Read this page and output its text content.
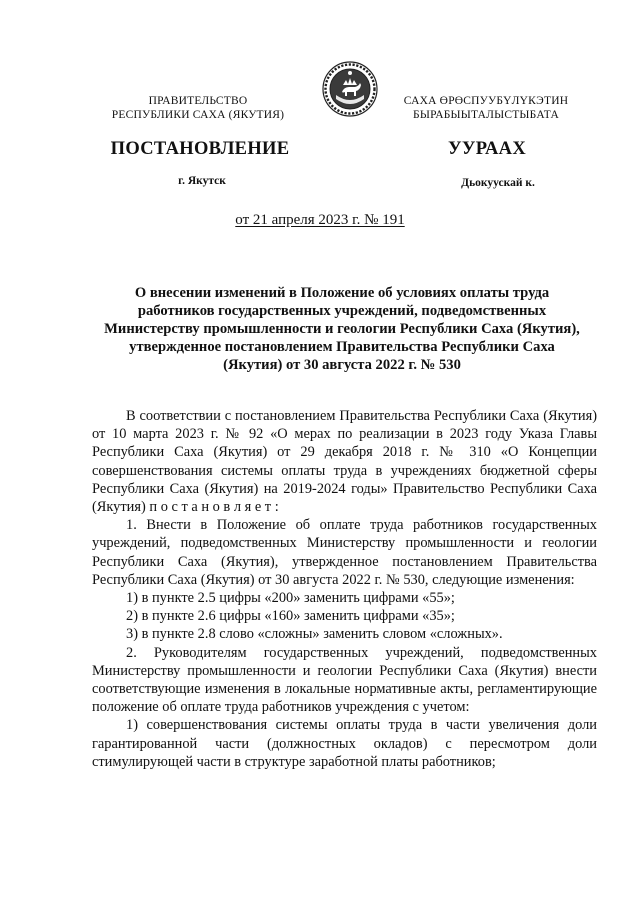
ПРАВИТЕЛЬСТВО
РЕСПУБЛИКИ САХА (ЯКУТИЯ)
САХА ӨРӨСПУУБҮЛҮКЭТИН
БЫРАБЫЫТАЛЫСТЫБАТА
ПОСТАНОВЛЕНИЕ	УУРААХ
г. Якутск	Дьокуускай к.
от 21 апреля 2023 г. № 191
О внесении изменений в Положение об условиях оплаты труда
работников государственных учреждений, подведомственных
Министерству промышленности и геологии Республики Саха (Якутия),
утвержденное постановлением Правительства Республики Саха
(Якутия) от 30 августа 2022 г. № 530

В соответствии с постановлением Правительства Республики Саха (Якутия) от 10 марта 2023 г. № 92 «О мерах по реализации в 2023 году Указа Главы Республики Саха (Якутия) от 29 декабря 2018 г. № 310 «О Концепции совершенствования системы оплаты труда в учреждениях бюджетной сферы Республики Саха (Якутия) на 2019-2024 годы» Правительство Республики Саха (Якутия) п о с т а н о в л я е т :

1. Внести в Положение об оплате труда работников государственных учреждений, подведомственных Министерству промышленности и геологии Республики Саха (Якутия), утвержденное постановлением Правительства Республики Саха (Якутия) от 30 августа 2022 г. № 530, следующие изменения:

1) в пункте 2.5 цифры «200» заменить цифрами «55»;

2) в пункте 2.6 цифры «160» заменить цифрами «35»;

3) в пункте 2.8 слово «сложны» заменить словом «сложных».

2. Руководителям государственных учреждений, подведомственных Министерству промышленности и геологии Республики Саха (Якутия) внести соответствующие изменения в локальные нормативные акты, регламентирующие положение об оплате труда работников учреждения с учетом:

1) совершенствования системы оплаты труда в части увеличения доли гарантированной части (должностных окладов) с пересмотром доли стимулирующей части в структуре заработной платы работников;
